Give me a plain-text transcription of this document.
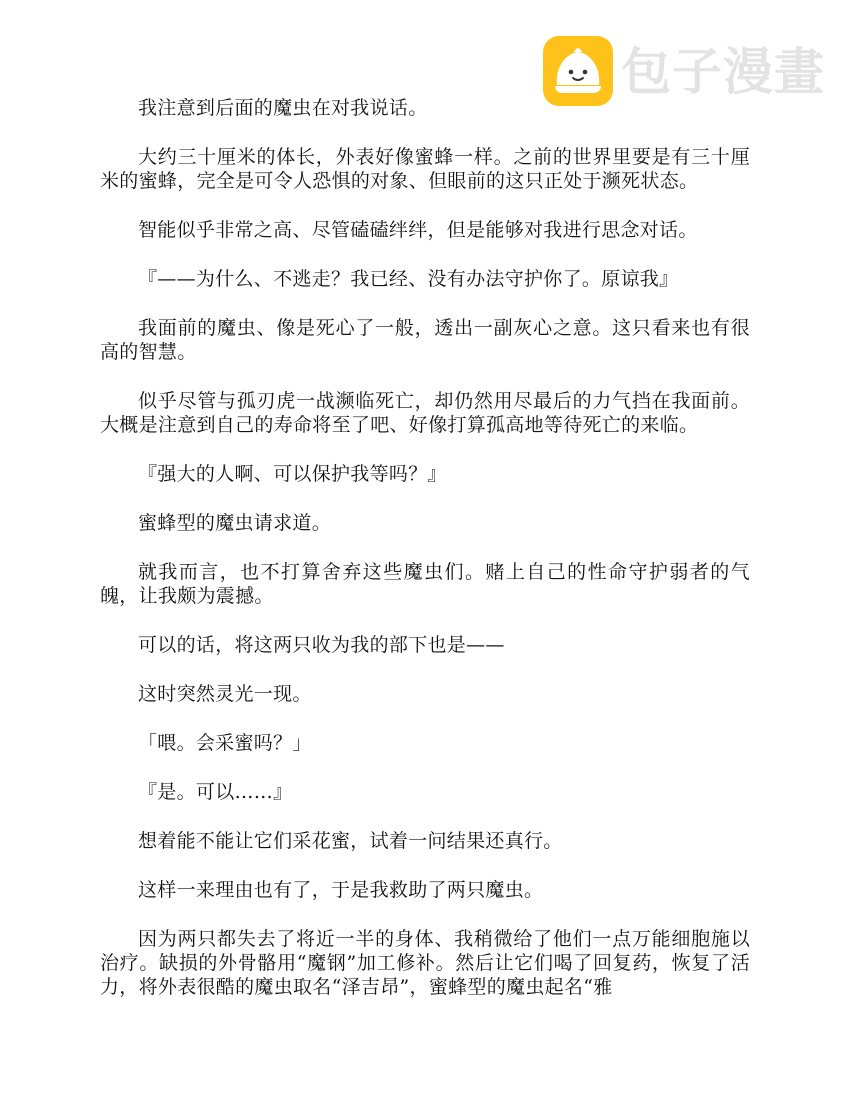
包子漫畫

我注意到后面的魔虫在对我说话。

大约三十厘米的体长，外表好像蜜蜂一样。之前的世界里要是有三十厘米的蜜蜂，完全是可令人恐惧的对象、但眼前的这只正处于濒死状态。

智能似乎非常之高、尽管磕磕绊绊，但是能够对我进行思念对话。

『——为什么、不逃走？我已经、没有办法守护你了。原谅我』

我面前的魔虫、像是死心了一般，透出一副灰心之意。这只看来也有很高的智慧。

似乎尽管与孤刃虎一战濒临死亡，却仍然用尽最后的力气挡在我面前。大概是注意到自己的寿命将至了吧、好像打算孤高地等待死亡的来临。

『强大的人啊、可以保护我等吗？』

蜜蜂型的魔虫请求道。

就我而言，也不打算舍弃这些魔虫们。赌上自己的性命守护弱者的气魄，让我颇为震撼。

可以的话，将这两只收为我的部下也是——

这时突然灵光一现。

「喂。会采蜜吗？」

『是。可以……』

想着能不能让它们采花蜜，试着一问结果还真行。

这样一来理由也有了，于是我救助了两只魔虫。

因为两只都失去了将近一半的身体、我稍微给了他们一点万能细胞施以治疗。缺损的外骨骼用“魔钢”加工修补。然后让它们喝了回复药，恢复了活力，将外表很酷的魔虫取名“泽吉昂”，蜜蜂型的魔虫起名“雅
